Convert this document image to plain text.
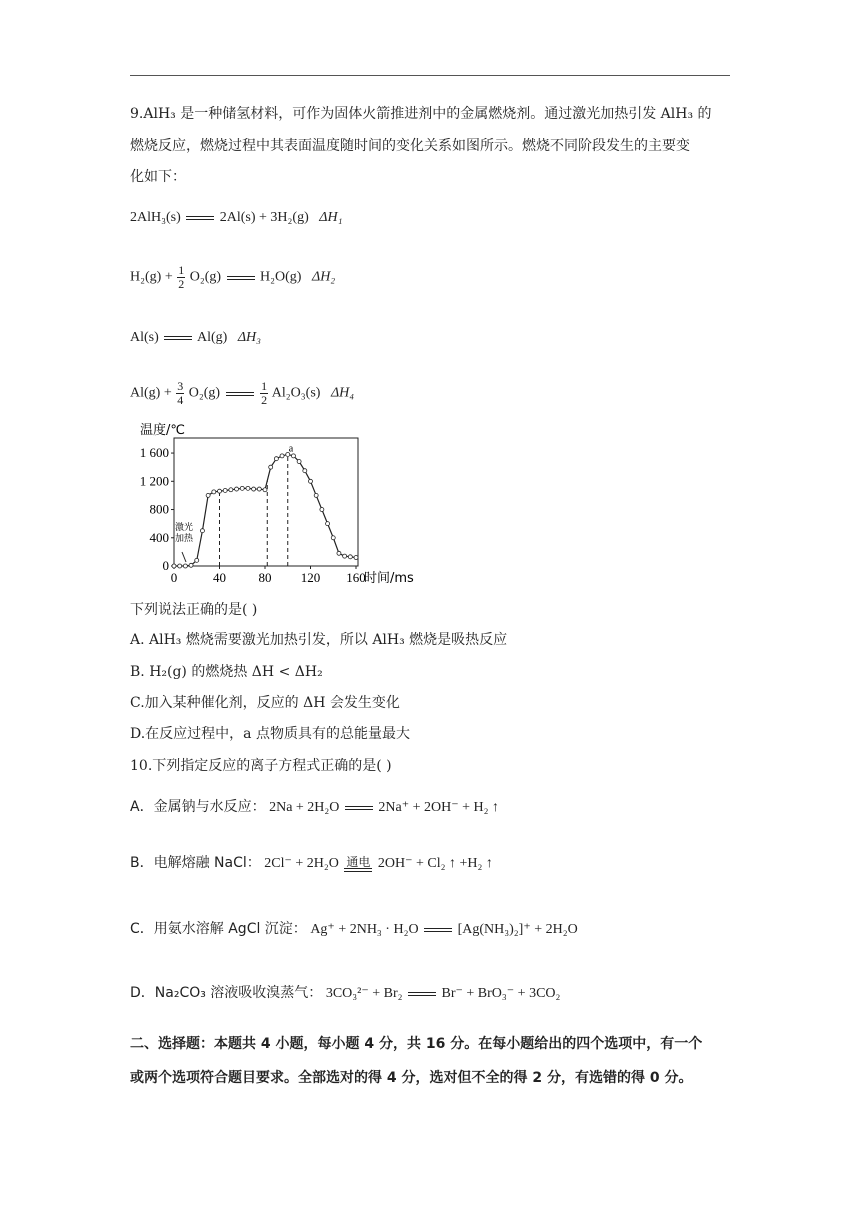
9.AlH₃ 是一种储氢材料，可作为固体火箭推进剂中的金属燃烧剂。通过激光加热引发 AlH₃ 的
燃烧反应，燃烧过程中其表面温度随时间的变化关系如图所示。燃烧不同阶段发生的主要变
化如下：
2AlH₃(s)	2Al(s) + 3H₂(g) ΔH₁
$H_2(g) + \frac{1}{2} O_2(g)$	H₂O(g) ΔH₂
Al(s)	Al(g) ΔH₃
$Al(g) + \frac{3}{4} O_2(g)$	$\frac{1}{2} Al_2O_3(s)$ ΔH₄
0
400
800
1 200
1 600
0	40	80 120 160
温度/℃
时间/ms
a
激光
加热
下列说法正确的是( )
A. AlH₃ 燃烧需要激光加热引发，所以 AlH₃ 燃烧是吸热反应
B. H₂(g) 的燃烧热 ΔH < ΔH₂
C.加入某种催化剂，反应的 ΔH 会发生变化
D.在反应过程中，a 点物质具有的总能量最大
10.下列指定反应的离子方程式正确的是( )
A．金属钠与水反应： 2Na + 2H₂O	2Na⁺ + 2OH⁻ + H₂ ↑
B．电解熔融 NaCl： 2Cl⁻ + 2H₂O 通电 2OH⁻ + Cl₂ ↑ +H₂ ↑
C．用氨水溶解 AgCl 沉淀： Ag⁺ + 2NH₃ · H₂O	[Ag(NH₃)₂]⁺ + 2H₂O
D．Na₂CO₃ 溶液吸收溴蒸气： 3CO₃²⁻ + Br₂	Br⁻ + BrO₃⁻ + 3CO₂
二、选择题：本题共 4 小题，每小题 4 分，共 16 分。在每小题给出的四个选项中，有一个
或两个选项符合题目要求。全部选对的得 4 分，选对但不全的得 2 分，有选错的得 0 分。
